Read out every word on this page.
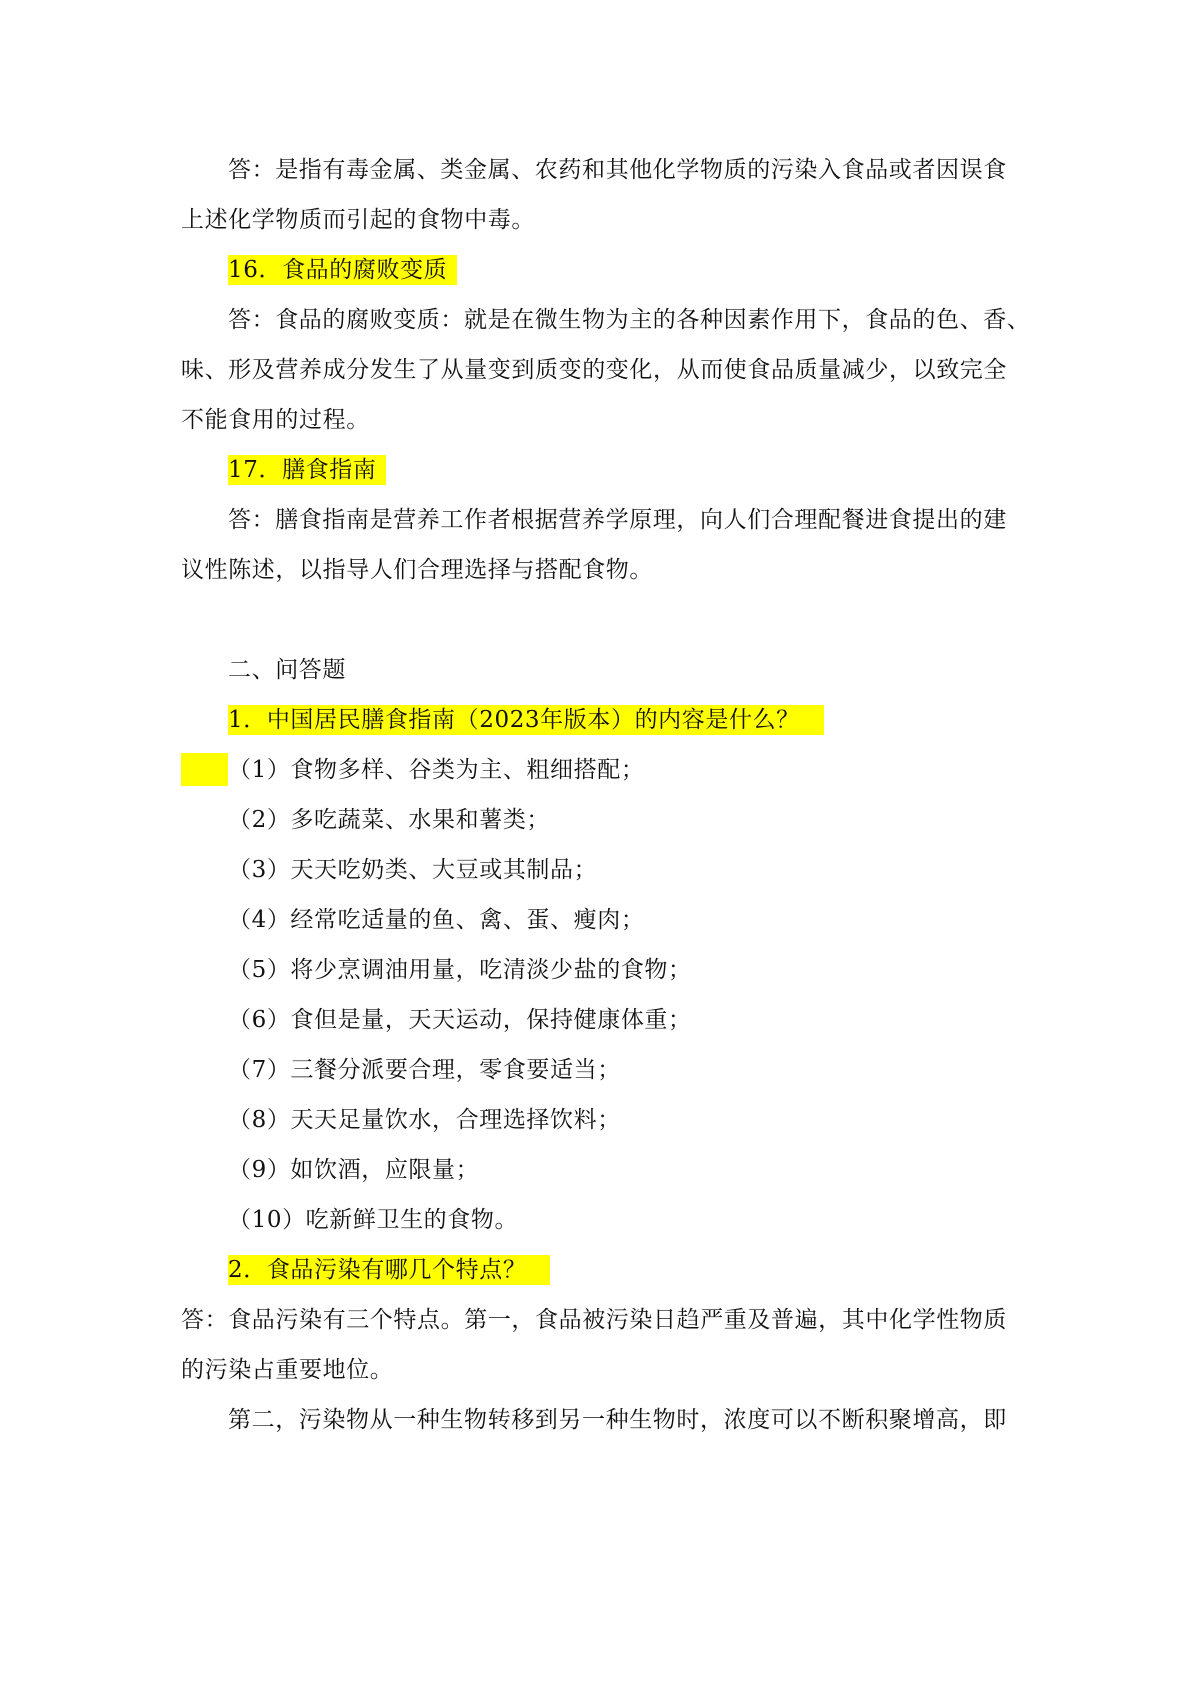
答：是指有毒金属、类金属、农药和其他化学物质的污染入食品或者因误食
上述化学物质而引起的食物中毒。
16．食品的腐败变质
答：食品的腐败变质：就是在微生物为主的各种因素作用下，食品的色、香、
味、形及营养成分发生了从量变到质变的变化，从而使食品质量减少，以致完全
不能食用的过程。
17．膳食指南
答：膳食指南是营养工作者根据营养学原理，向人们合理配餐进食提出的建
议性陈述，以指导人们合理选择与搭配食物。
二、问答题
1．中国居民膳食指南（2023年版本）的内容是什么？
（1）食物多样、谷类为主、粗细搭配；
（2）多吃蔬菜、水果和薯类；
（3）天天吃奶类、大豆或其制品；
（4）经常吃适量的鱼、禽、蛋、瘦肉；
（5）将少烹调油用量，吃清淡少盐的食物；
（6）食但是量，天天运动，保持健康体重；
（7）三餐分派要合理，零食要适当；
（8）天天足量饮水，合理选择饮料；
（9）如饮酒，应限量；
（10）吃新鲜卫生的食物。
2．食品污染有哪几个特点？
答：食品污染有三个特点。第一，食品被污染日趋严重及普遍，其中化学性物质
的污染占重要地位。
第二，污染物从一种生物转移到另一种生物时，浓度可以不断积聚增高，即
